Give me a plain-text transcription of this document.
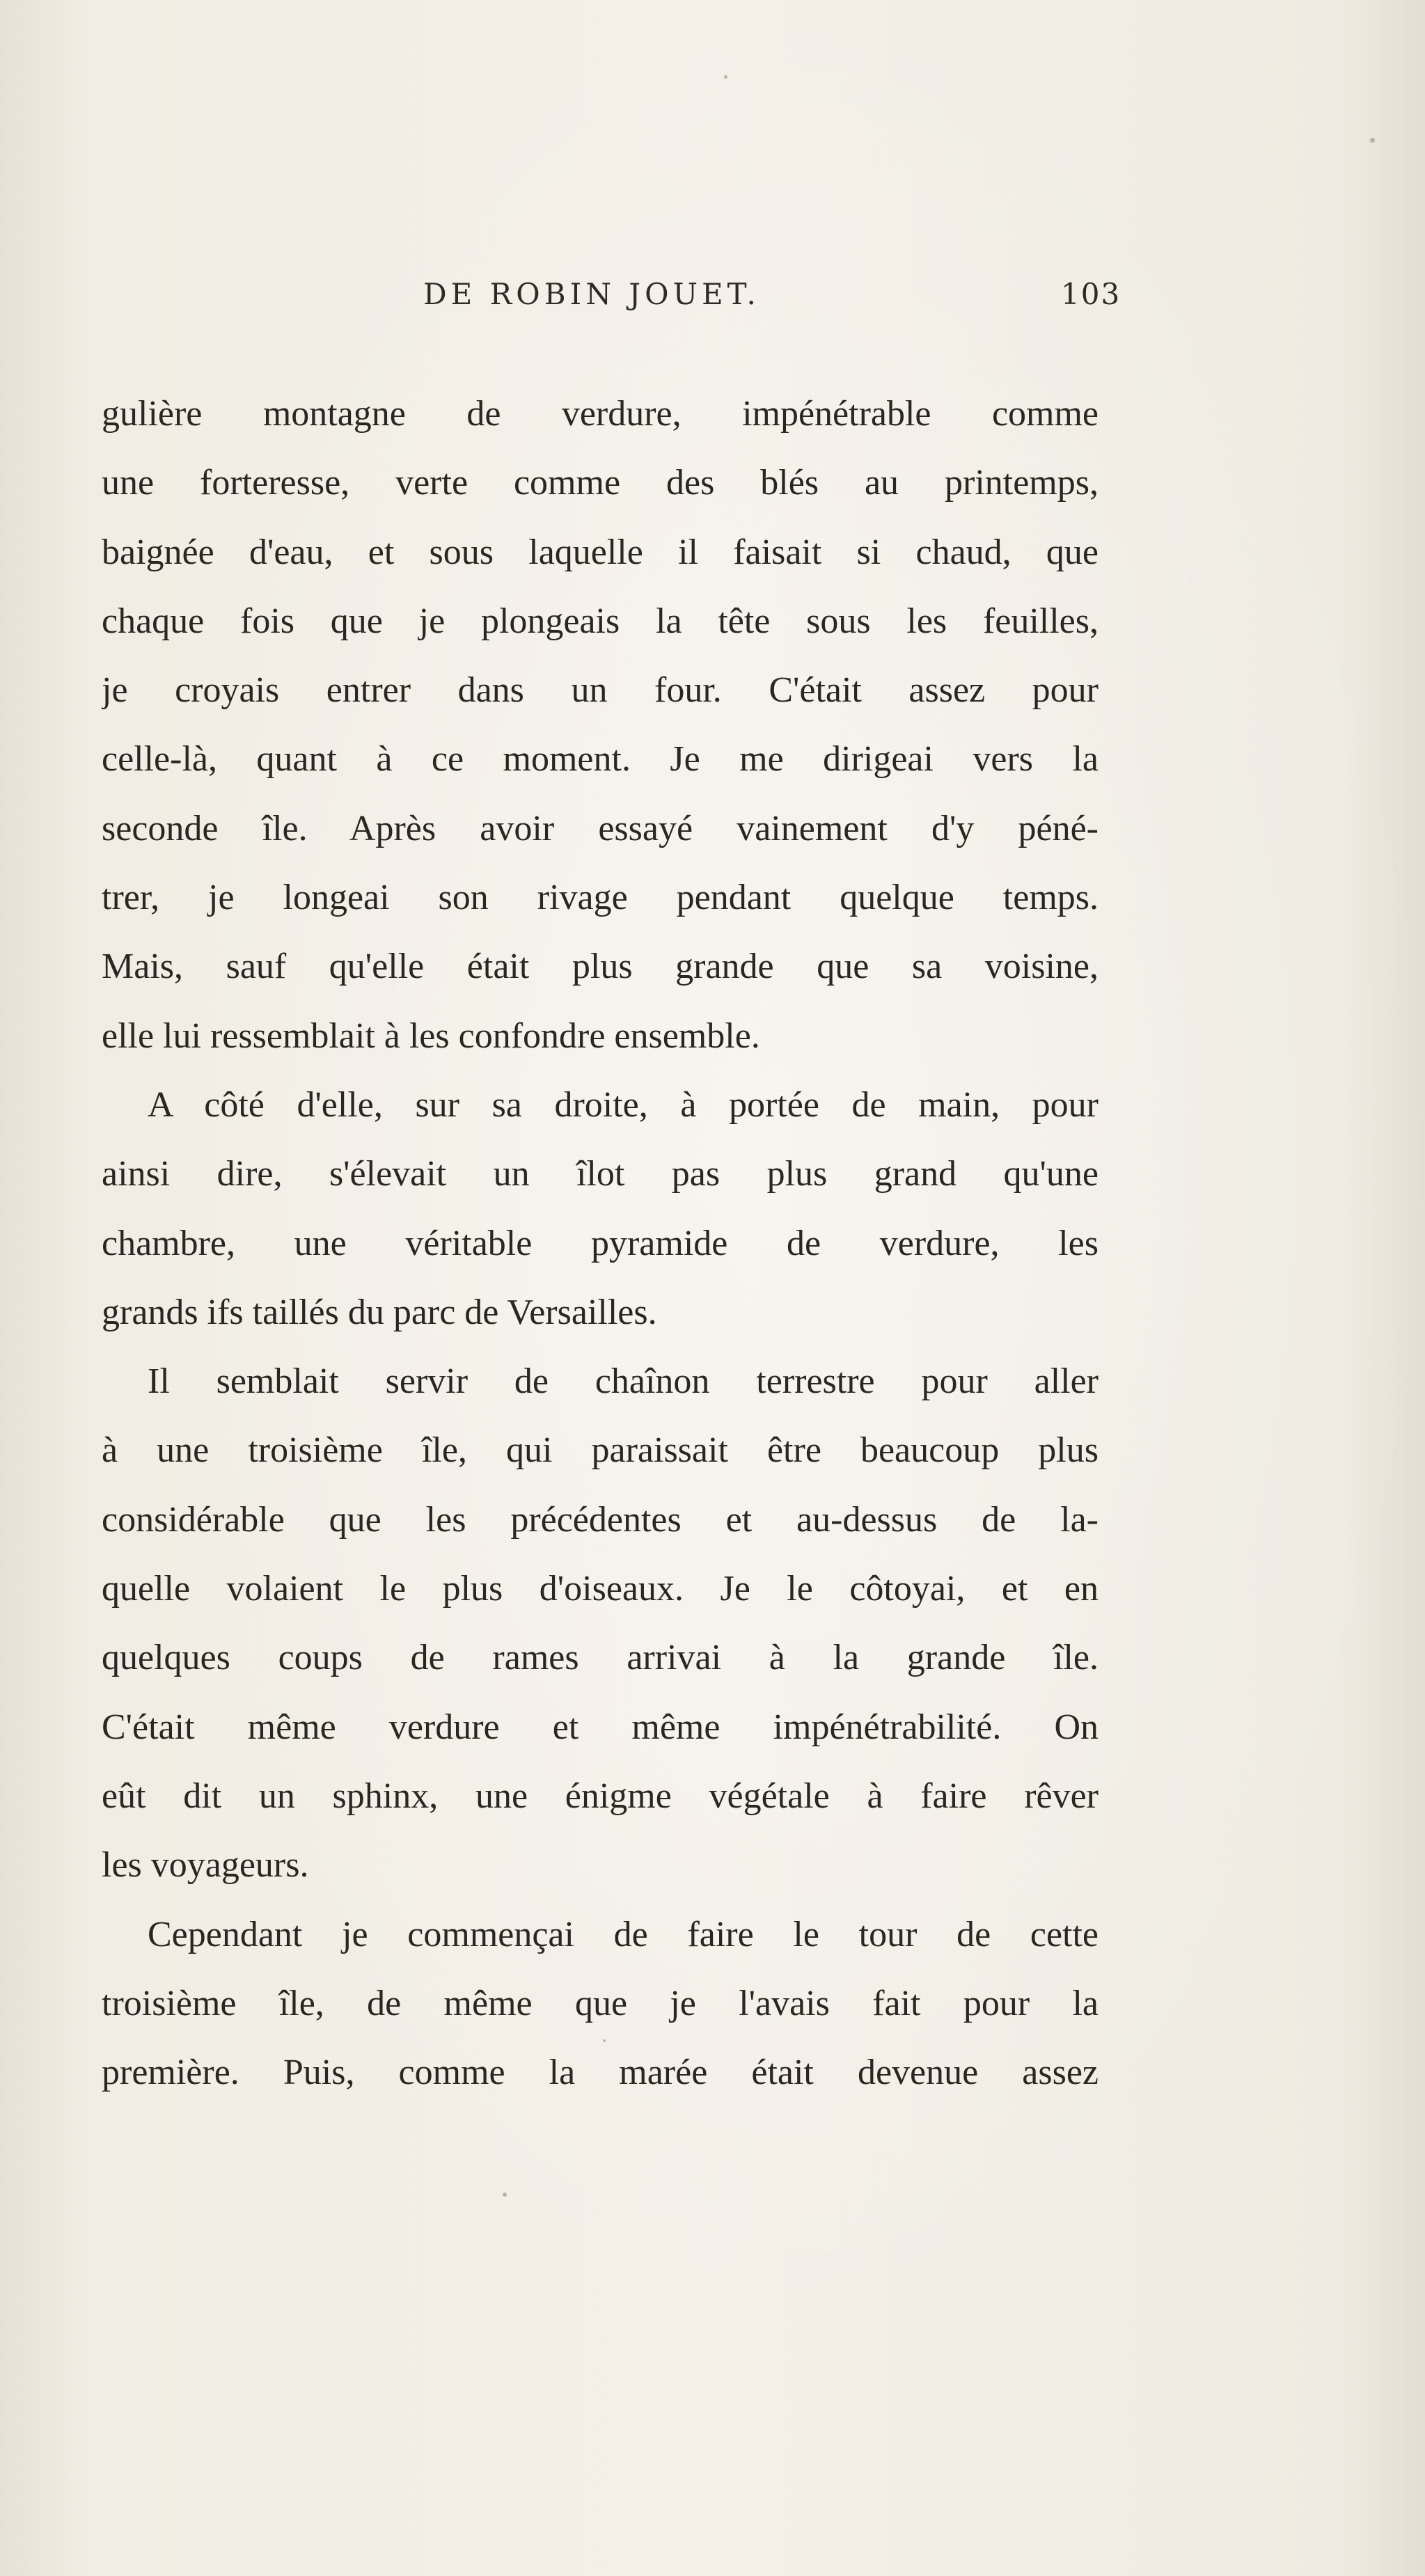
DE ROBIN JOUET.	103
gulière montagne de verdure, impénétrable comme
une forteresse, verte comme des blés au printemps,
baignée d'eau, et sous laquelle il faisait si chaud, que
chaque fois que je plongeais la tête sous les feuilles,
je croyais entrer dans un four. C'était assez pour
celle-là, quant à ce moment. Je me dirigeai vers la
seconde île. Après avoir essayé vainement d'y péné-
trer, je longeai son rivage pendant quelque temps.
Mais, sauf qu'elle était plus grande que sa voisine,
elle lui ressemblait à les confondre ensemble.
A côté d'elle, sur sa droite, à portée de main, pour
ainsi dire, s'élevait un îlot pas plus grand qu'une
chambre, une véritable pyramide de verdure, les
grands ifs taillés du parc de Versailles.
Il semblait servir de chaînon terrestre pour aller
à une troisième île, qui paraissait être beaucoup plus
considérable que les précédentes et au-dessus de la-
quelle volaient le plus d'oiseaux. Je le côtoyai, et en
quelques coups de rames arrivai à la grande île.
C'était même verdure et même impénétrabilité. On
eût dit un sphinx, une énigme végétale à faire rêver
les voyageurs.
Cependant je commençai de faire le tour de cette
troisième île, de même que je l'avais fait pour la
première. Puis, comme la marée était devenue assez
